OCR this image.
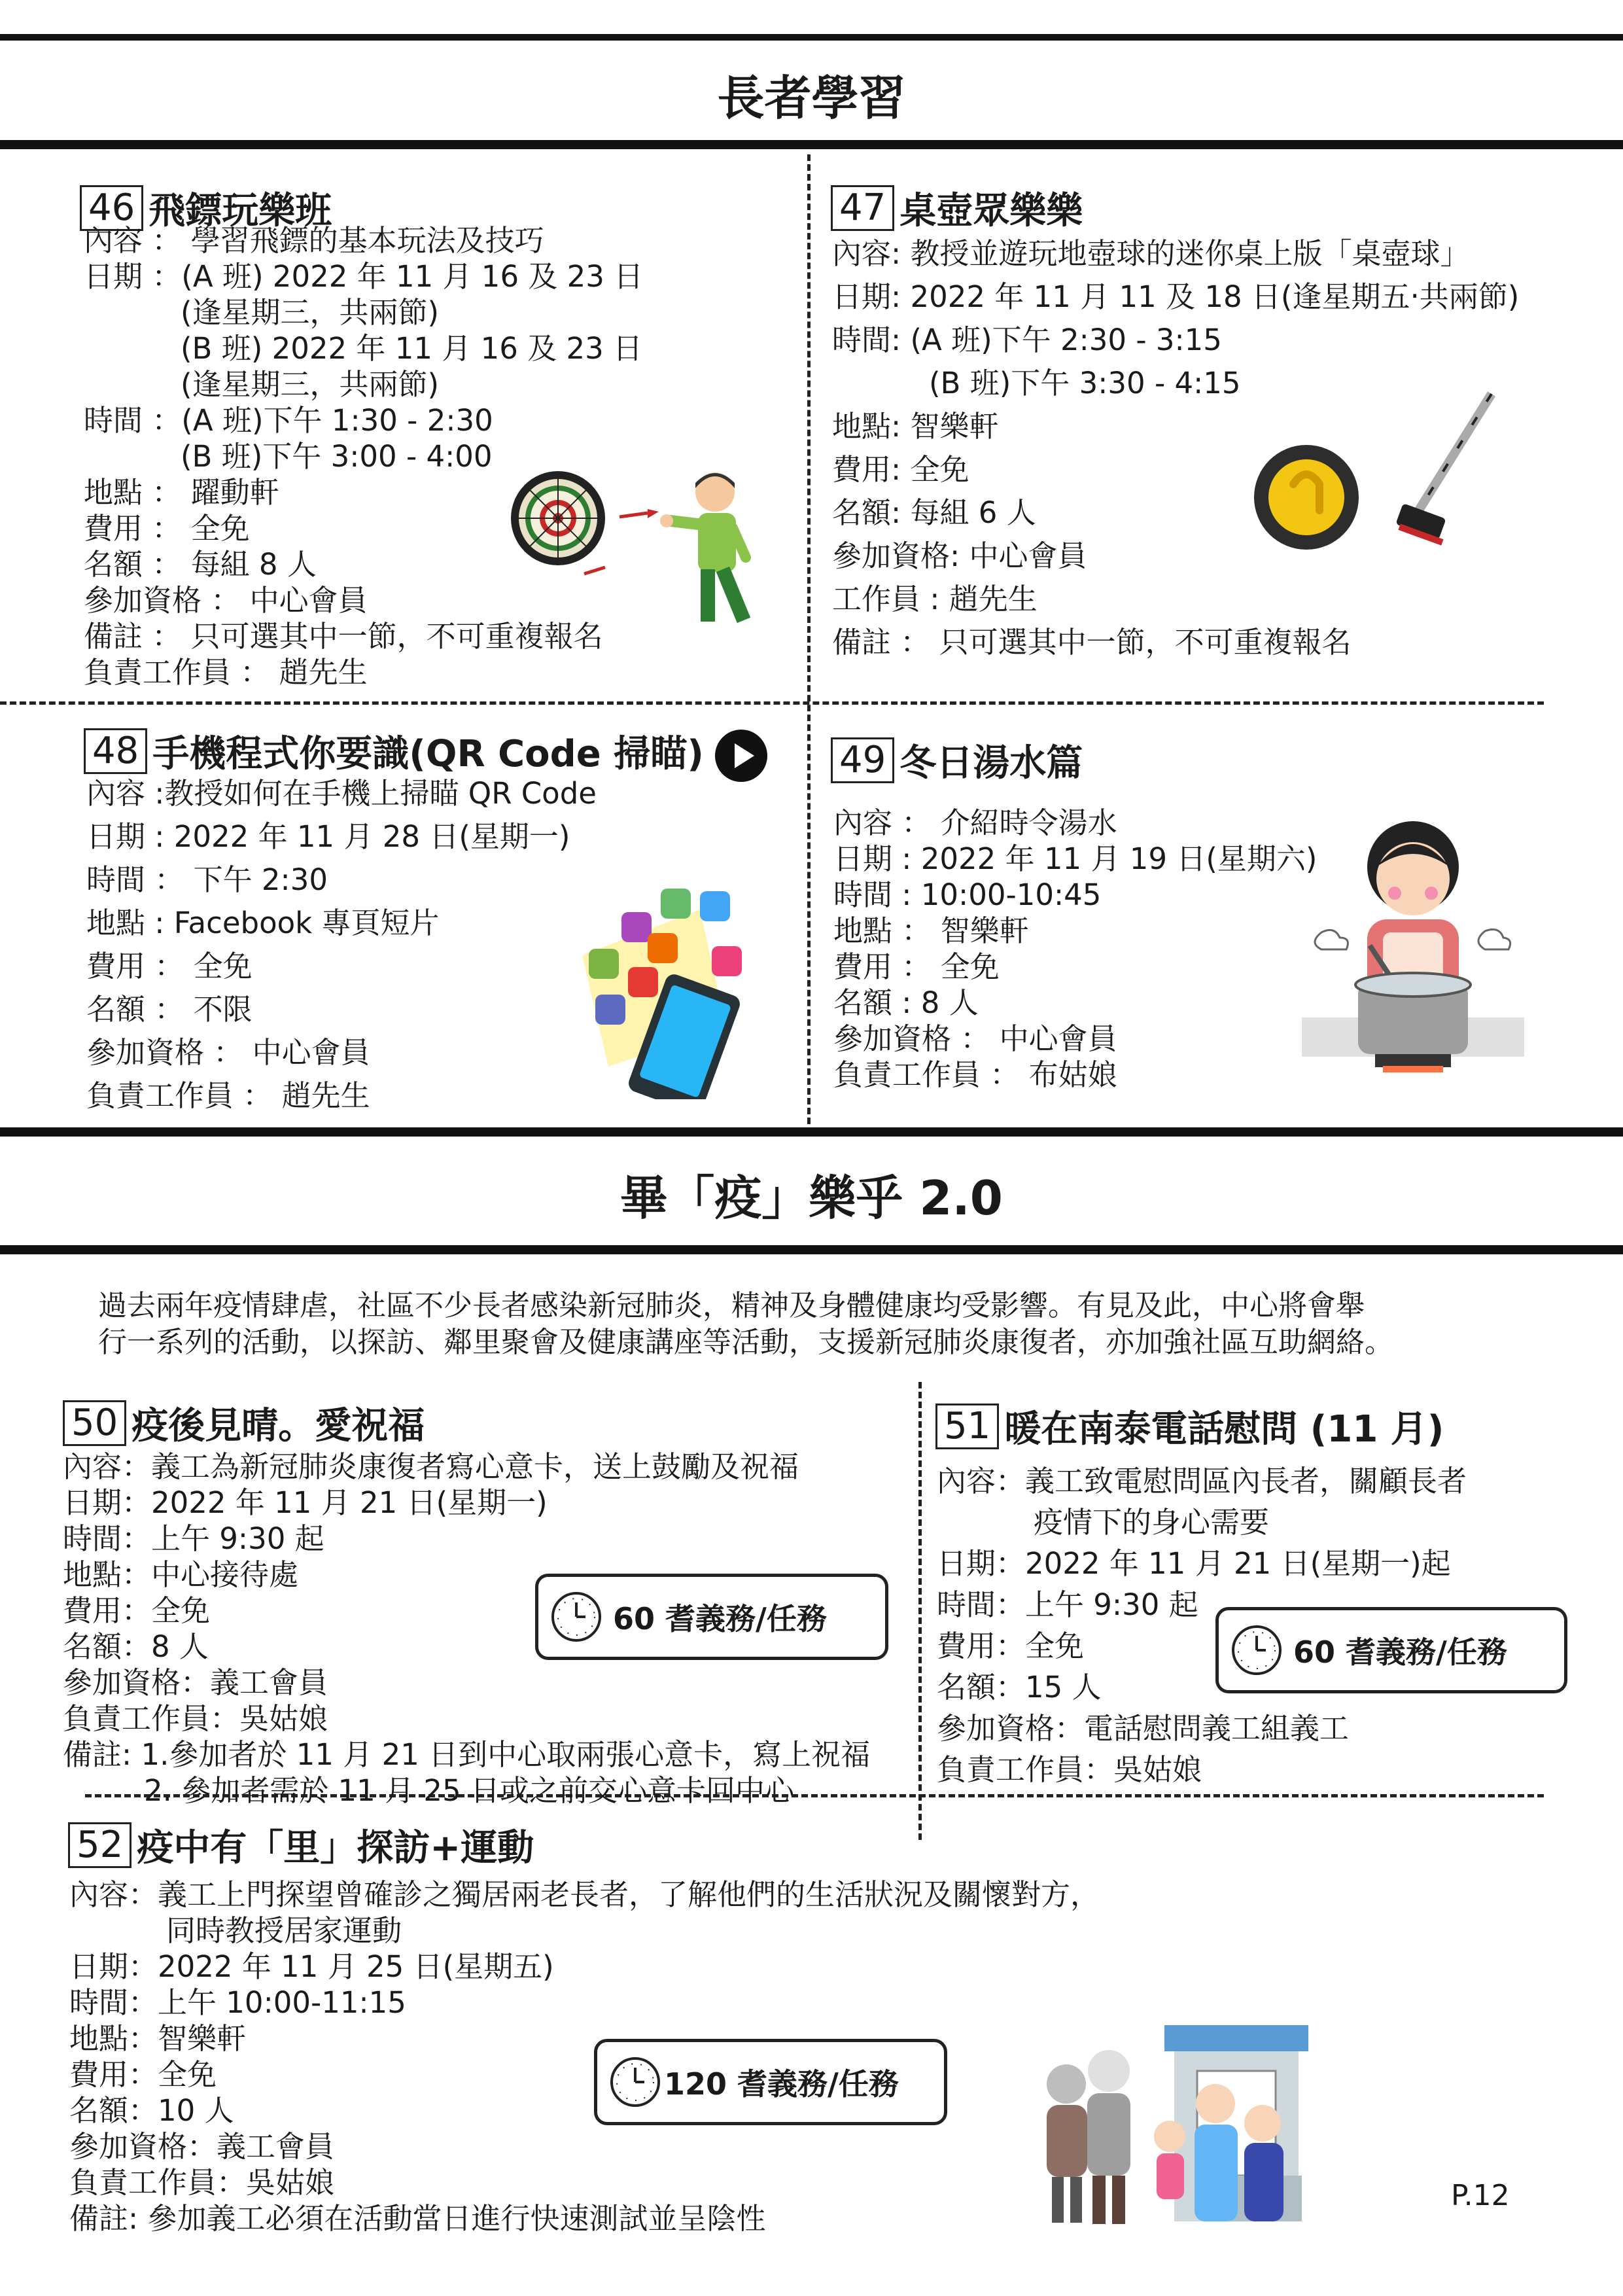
長者學習
46 飛鏢玩樂班
內容 ： 學習飛鏢的基本玩法及技巧
日期 ：(A 班) 2022 年 11 月 16 及 23 日
(逢星期三，共兩節)
(B 班) 2022 年 11 月 16 及 23 日
(逢星期三，共兩節)
時間 ：(A 班)下午 1:30 - 2:30
(B 班)下午 3:00 - 4:00
地點 ： 躍動軒
費用 ： 全免
名額 ： 每組 8 人
參加資格 ： 中心會員
備註 ： 只可選其中一節，不可重複報名
負責工作員 ： 趙先生
47 桌壺眾樂樂
內容: 教授並遊玩地壺球的迷你桌上版「桌壺球」
日期: 2022 年 11 月 11 及 18 日(逢星期五‧共兩節)
時間: (A 班)下午 2:30 - 3:15
(B 班)下午 3:30 - 4:15
地點: 智樂軒
費用: 全免
名額: 每組 6 人
參加資格: 中心會員
工作員 : 趙先生
備註 ： 只可選其中一節，不可重複報名
48 手機程式你要識(QR Code 掃瞄)
內容 :教授如何在手機上掃瞄 QR Code
日期 : 2022 年 11 月 28 日(星期一)
時間 ： 下午 2:30
地點 : Facebook 專頁短片
費用 ： 全免
名額 ： 不限
參加資格 ： 中心會員
負責工作員 ： 趙先生
49 冬日湯水篇
內容 ： 介紹時令湯水
日期 : 2022 年 11 月 19 日(星期六)
時間 : 10:00-10:45
地點 ： 智樂軒
費用 ： 全免
名額 : 8 人
參加資格 ： 中心會員
負責工作員 ： 布姑娘
畢「疫」樂乎 2.0
過去兩年疫情肆虐，社區不少長者感染新冠肺炎，精神及身體健康均受影響。有見及此，中心將會舉
行一系列的活動，以探訪、鄰里聚會及健康講座等活動，支援新冠肺炎康復者，亦加強社區互助網絡。
50 疫後見晴。愛祝福
內容：義工為新冠肺炎康復者寫心意卡，送上鼓勵及祝福
日期：2022 年 11 月 21 日(星期一)
時間：上午 9:30 起
地點：中心接待處
費用：全免
名額：8 人
參加資格：義工會員
負責工作員：吳姑娘
備註: 1.參加者於 11 月 21 日到中心取兩張心意卡，寫上祝福
2. 參加者需於 11 月 25 日或之前交心意卡回中心
60 耆義務/任務
51 暖在南泰電話慰問 (11 月)
內容：義工致電慰問區內長者，關顧長者
疫情下的身心需要
日期：2022 年 11 月 21 日(星期一)起
時間：上午 9:30 起
費用：全免
名額：15 人
參加資格：電話慰問義工組義工
負責工作員：吳姑娘
60 耆義務/任務
52 疫中有「里」探訪+運動
內容：義工上門探望曾確診之獨居兩老長者，了解他們的生活狀況及關懷對方，
同時教授居家運動
日期：2022 年 11 月 25 日(星期五)
時間：上午 10:00-11:15
地點：智樂軒
費用：全免
名額：10 人
參加資格：義工會員
負責工作員：吳姑娘
備註: 參加義工必須在活動當日進行快速測試並呈陰性
120 耆義務/任務
P.12
